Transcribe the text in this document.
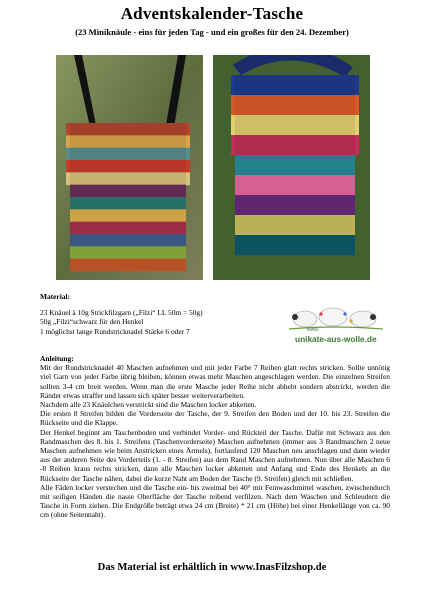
Adventskalender-Tasche
(23 Miniknäule - eins für jeden Tag - und ein großes für den 24. Dezember)
Material:
23 Knäuel à 10g Strickfilzgarn („Filzi“ LL 50m = 50g)
50g „Filzi“schwarz für den Henkel
1 möglichst lange Rundstricknadel Stärke 6 oder 7	www.
unikate-aus-wolle.de
Anleitung:

Mit der Rundstricknadel 40 Maschen aufnehmen und mit jeder Farbe 7 Reihen glatt rechts stricken. Sollte unnötig viel Garn von jeder Farbe übrig bleiben, können etwas mehr Maschen angeschlagen werden. Die einzelnen Streifen sollten 3-4 cm breit werden. Wenn man die erste Masche jeder Reihe nicht abhebt sondern abstrickt, werden die Ränder etwas straffer und lassen sich später besser weiterverarbeiten.

Nachdem alle 23 Knäulchen verstrickt sind die Maschen locker abketten.

Die ersten 8 Streifen bilden die Vorderseite der Tasche, der 9. Streifen den Boden und der 10. bis 23. Streifen die Rückseite und die Klappe.

Der Henkel beginnt am Taschenboden und verbindet Vorder- und Rückteil der Tasche. Dafür mit Schwarz aus den Randmaschen des 8. bis 1. Streifens (Taschenvorderseite) Maschen aufnehmen (immer aus 3 Randmaschen 2 neue Maschen aufnehmen wie beim Anstricken eines Ärmels), fortlaufend 120 Maschen neu anschlagen und dann wieder aus der anderen Seite des Vorderteils (1. - 8. Streifen) aus dem Rand Maschen aufnehmen. Nun über alle Maschen 6 -8 Reihen kraus rechts stricken, dann alle Maschen locker abketten und Anfang und Ende des Henkels an die Rückseite der Tasche nähen, dabei die kurze Naht am Boden der Tasche (9. Streifen) gleich mit schließen.

Alle Fäden locker verstechen und die Tasche ein- bis zweimal bei 40° mit Feinwaschmittel waschen, zwischendurch mit seifigen Händen die nasse Oberfläche der Tasche reibend verfilzen. Nach dem Waschen und Schleudern die Tasche in Form ziehen. Die Endgröße beträgt etwa 24 cm (Breite) * 21 cm (Höhe) bei einer Henkellänge von ca. 90 cm (ohne Seitennaht).

Das Material ist erhältlich in www.InasFilzshop.de
